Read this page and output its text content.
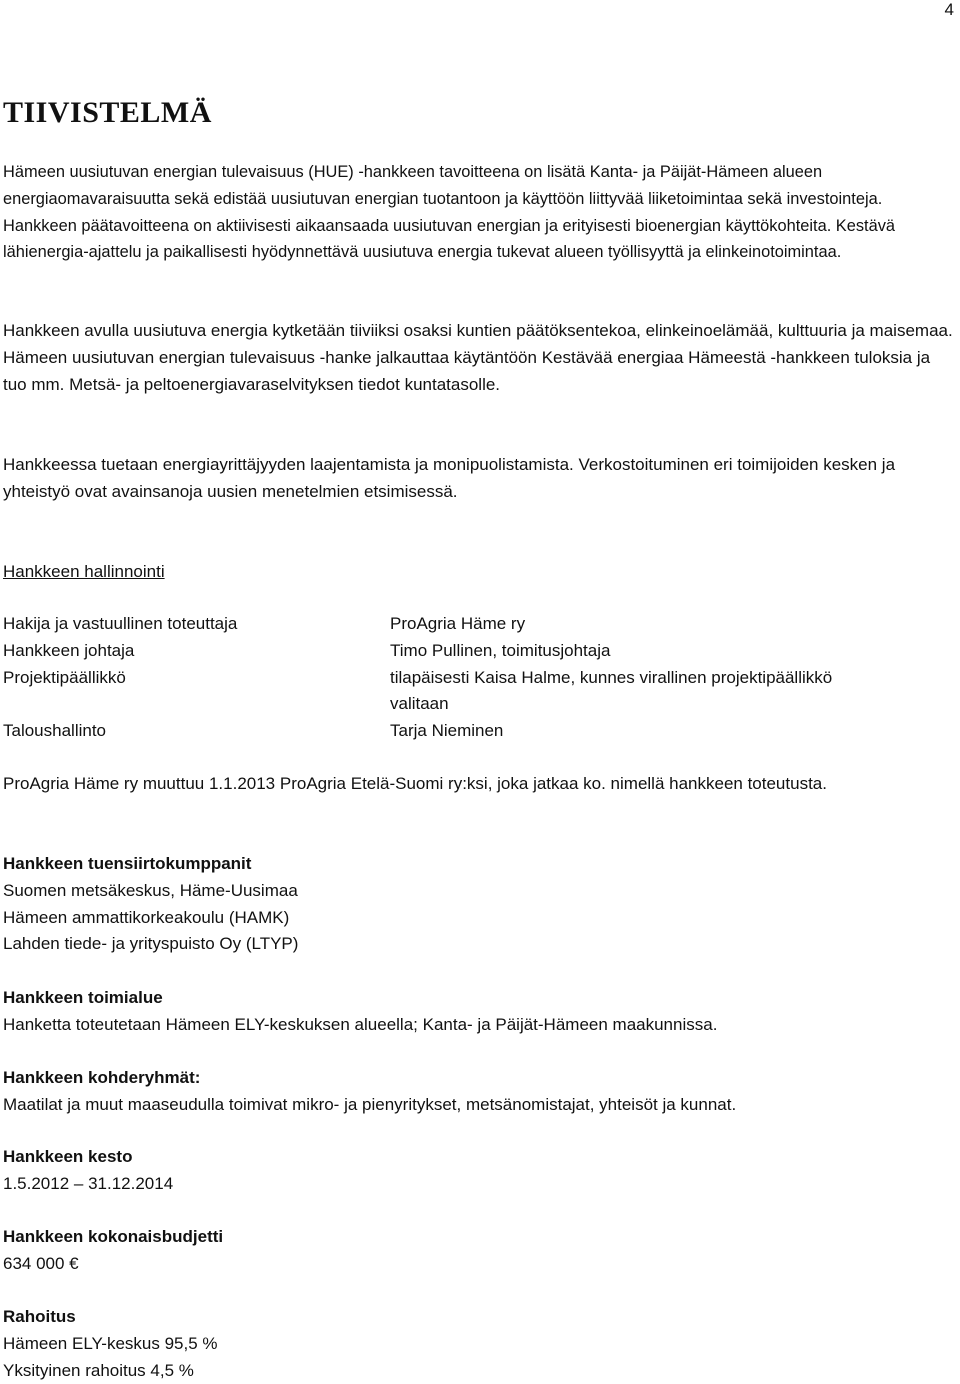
4
TIIVISTELMÄ

Hämeen uusiutuvan energian tulevaisuus (HUE) -hankkeen tavoitteena on lisätä Kanta- ja Päijät-Hämeen alueen energiaomavaraisuutta sekä edistää uusiutuvan energian tuotantoon ja käyttöön liittyvää liiketoimintaa sekä investointeja. Hankkeen päätavoitteena on aktiivisesti aikaansaada uusiutuvan energian ja erityisesti bioenergian käyttökohteita. Kestävä lähienergia-ajattelu ja paikallisesti hyödynnettävä uusiutuva energia tukevat alueen työllisyyttä ja elinkeinotoimintaa.

Hankkeen avulla uusiutuva energia kytketään tiiviiksi osaksi kuntien päätöksentekoa, elinkeinoelämää, kulttuuria ja maisemaa. Hämeen uusiutuvan energian tulevaisuus -hanke jalkauttaa käytäntöön Kestävää energiaa Hämeestä -hankkeen tuloksia ja tuo mm. Metsä- ja peltoenergiavaraselvityksen tiedot kuntatasolle.

Hankkeessa tuetaan energiayrittäjyyden laajentamista ja monipuolistamista. Verkostoituminen eri toimijoiden kesken ja yhteistyö ovat avainsanoja uusien menetelmien etsimisessä.

Hankkeen hallinnointi
Hakija ja vastuullinen toteuttaja
Hankkeen johtaja
Projektipäällikkö
Taloushallinto
ProAgria Häme ry
Timo Pullinen, toimitusjohtaja
tilapäisesti Kaisa Halme, kunnes virallinen projektipäällikkö
valitaan
Tarja Nieminen

ProAgria Häme ry muuttuu 1.1.2013 ProAgria Etelä-Suomi ry:ksi, joka jatkaa ko. nimellä hankkeen toteutusta.

Hankkeen tuensiirtokumppanit
Suomen metsäkeskus, Häme-Uusimaa
Hämeen ammattikorkeakoulu (HAMK)
Lahden tiede- ja yrityspuisto Oy (LTYP)
Hankkeen toimialue
Hanketta toteutetaan Hämeen ELY-keskuksen alueella; Kanta- ja Päijät-Hämeen maakunnissa.
Hankkeen kohderyhmät:
Maatilat ja muut maaseudulla toimivat mikro- ja pienyritykset, metsänomistajat, yhteisöt ja kunnat.
Hankkeen kesto
1.5.2012 – 31.12.2014
Hankkeen kokonaisbudjetti
634 000 €
Rahoitus
Hämeen ELY-keskus 95,5 %
Yksityinen rahoitus 4,5 %
